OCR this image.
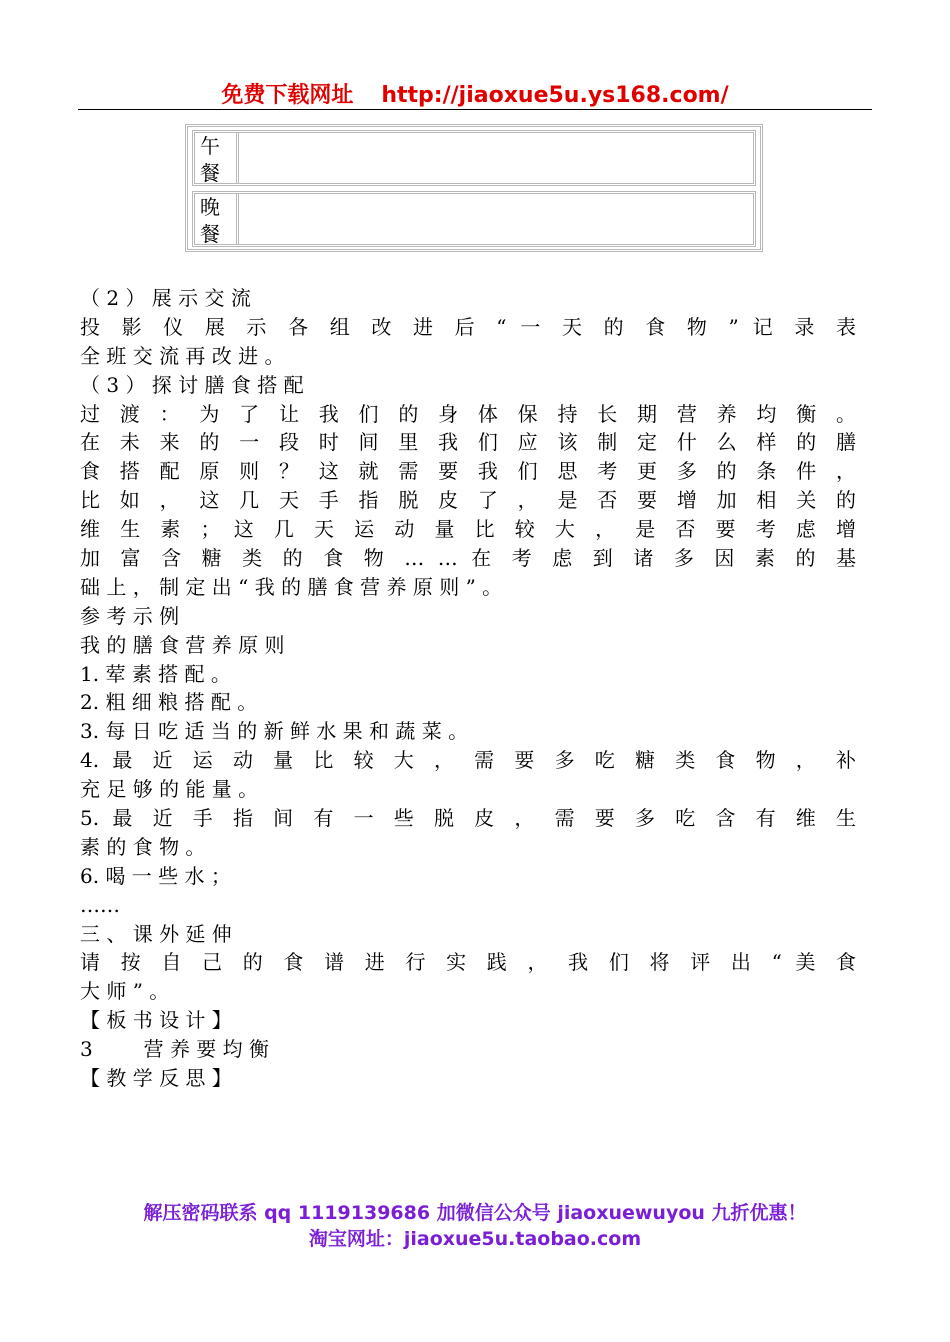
免费下载网址 http://jiaoxue5u.ys168.com/
午
餐
晚
餐
（ 2 ） 展 示 交 流
投 影 仪 展 示 各 组 改 进 后 “ 一 天 的 食 物 ” 记 录 表
全 班 交 流 再 改 进 。
（ 3 ） 探 讨 膳 食 搭 配
过 渡 ： 为 了 让 我 们 的 身 体 保 持 长 期 营 养 均 衡 。
在 未 来 的 一 段 时 间 里 我 们 应 该 制 定 什 么 样 的 膳
食 搭 配 原 则 ？ 这 就 需 要 我 们 思 考 更 多 的 条 件 ，
比 如 ， 这 几 天 手 指 脱 皮 了 ， 是 否 要 增 加 相 关 的
维 生 素 ； 这 几 天 运 动 量 比 较 大 ， 是 否 要 考 虑 增
加 富 含 糖 类 的 食 物 … … 在 考 虑 到 诸 多 因 素 的 基
础 上 ， 制 定 出 “ 我 的 膳 食 营 养 原 则 ” 。
参 考 示 例
我 的 膳 食 营 养 原 则
1. 荤 素 搭 配 。
2. 粗 细 粮 搭 配 。
3. 每 日 吃 适 当 的 新 鲜 水 果 和 蔬 菜 。
4. 最 近 运 动 量 比 较 大 ， 需 要 多 吃 糖 类 食 物 ， 补
充 足 够 的 能 量 。
5. 最 近 手 指 间 有 一 些 脱 皮 ， 需 要 多 吃 含 有 维 生
素 的 食 物 。
6. 喝 一 些 水 ；
……
三 、 课 外 延 伸
请 按 自 己 的 食 谱 进 行 实 践 ， 我 们 将 评 出 “ 美 食
大 师 ” 。
【 板 书 设 计 】
3        营 养 要 均 衡
【 教 学 反 思 】
解压密码联系 qq 1119139686 加微信公众号 jiaoxuewuyou 九折优惠！
淘宝网址：jiaoxue5u.taobao.com
